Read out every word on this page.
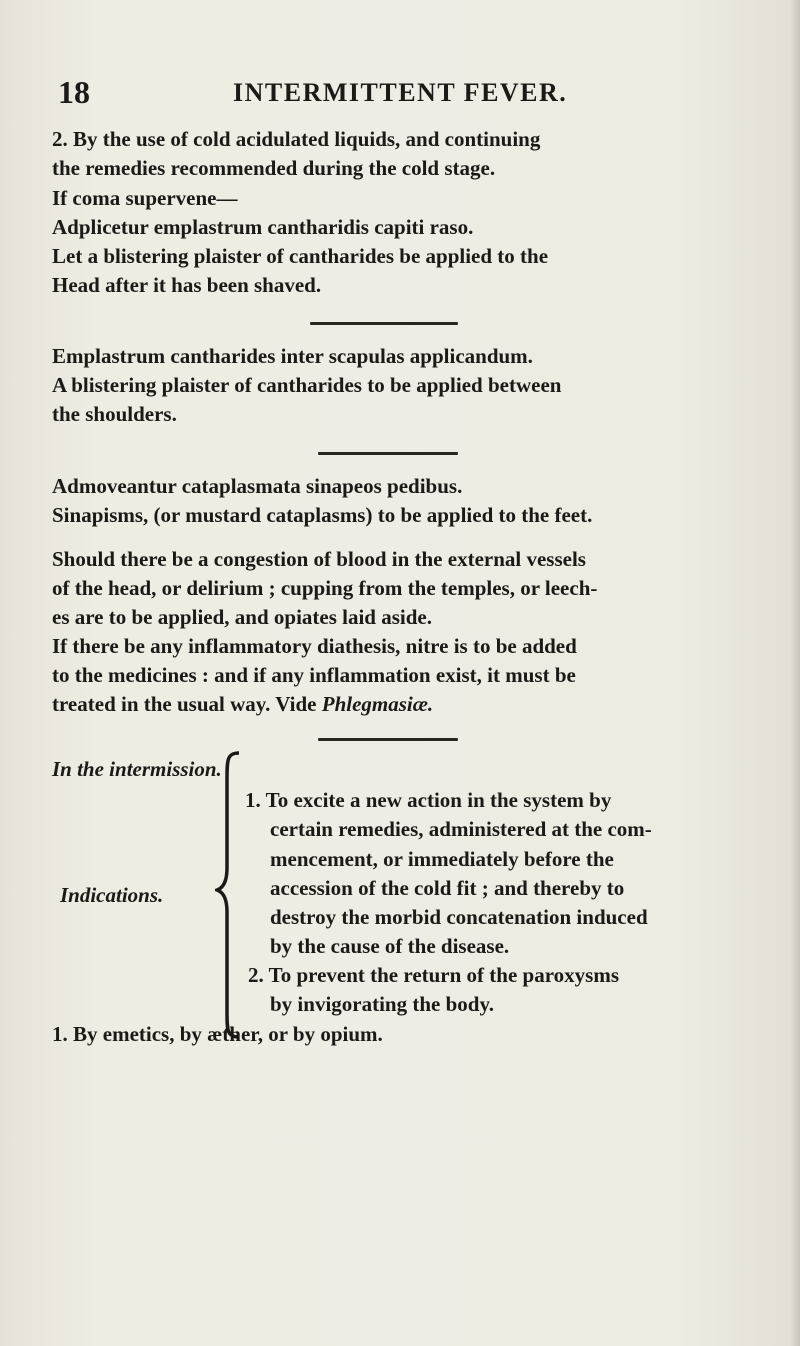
18	INTERMITTENT FEVER.
2. By the use of cold acidulated liquids, and continuing
the remedies recommended during the cold stage.
If coma supervene—
Adplicetur emplastrum cantharidis capiti raso.
Let a blistering plaister of cantharides be applied to the
Head after it has been shaved.
Emplastrum cantharides inter scapulas applicandum.
A blistering plaister of cantharides to be applied between
the shoulders.
Admoveantur cataplasmata sinapeos pedibus.
Sinapisms, (or mustard cataplasms) to be applied to the feet.
Should there be a congestion of blood in the external vessels
of the head, or delirium ; cupping from the temples, or leech-
es are to be applied, and opiates laid aside.
If there be any inflammatory diathesis, nitre is to be added
to the medicines : and if any inflammation exist, it must be
treated in the usual way. Vide Phlegmasiæ.
In the intermission.
Indications.
1. To excite a new action in the system by
certain remedies, administered at the com-
mencement, or immediately before the
accession of the cold fit ; and thereby to
destroy the morbid concatenation induced
by the cause of the disease.
2. To prevent the return of the paroxysms
by invigorating the body.
1. By emetics, by æther, or by opium.
